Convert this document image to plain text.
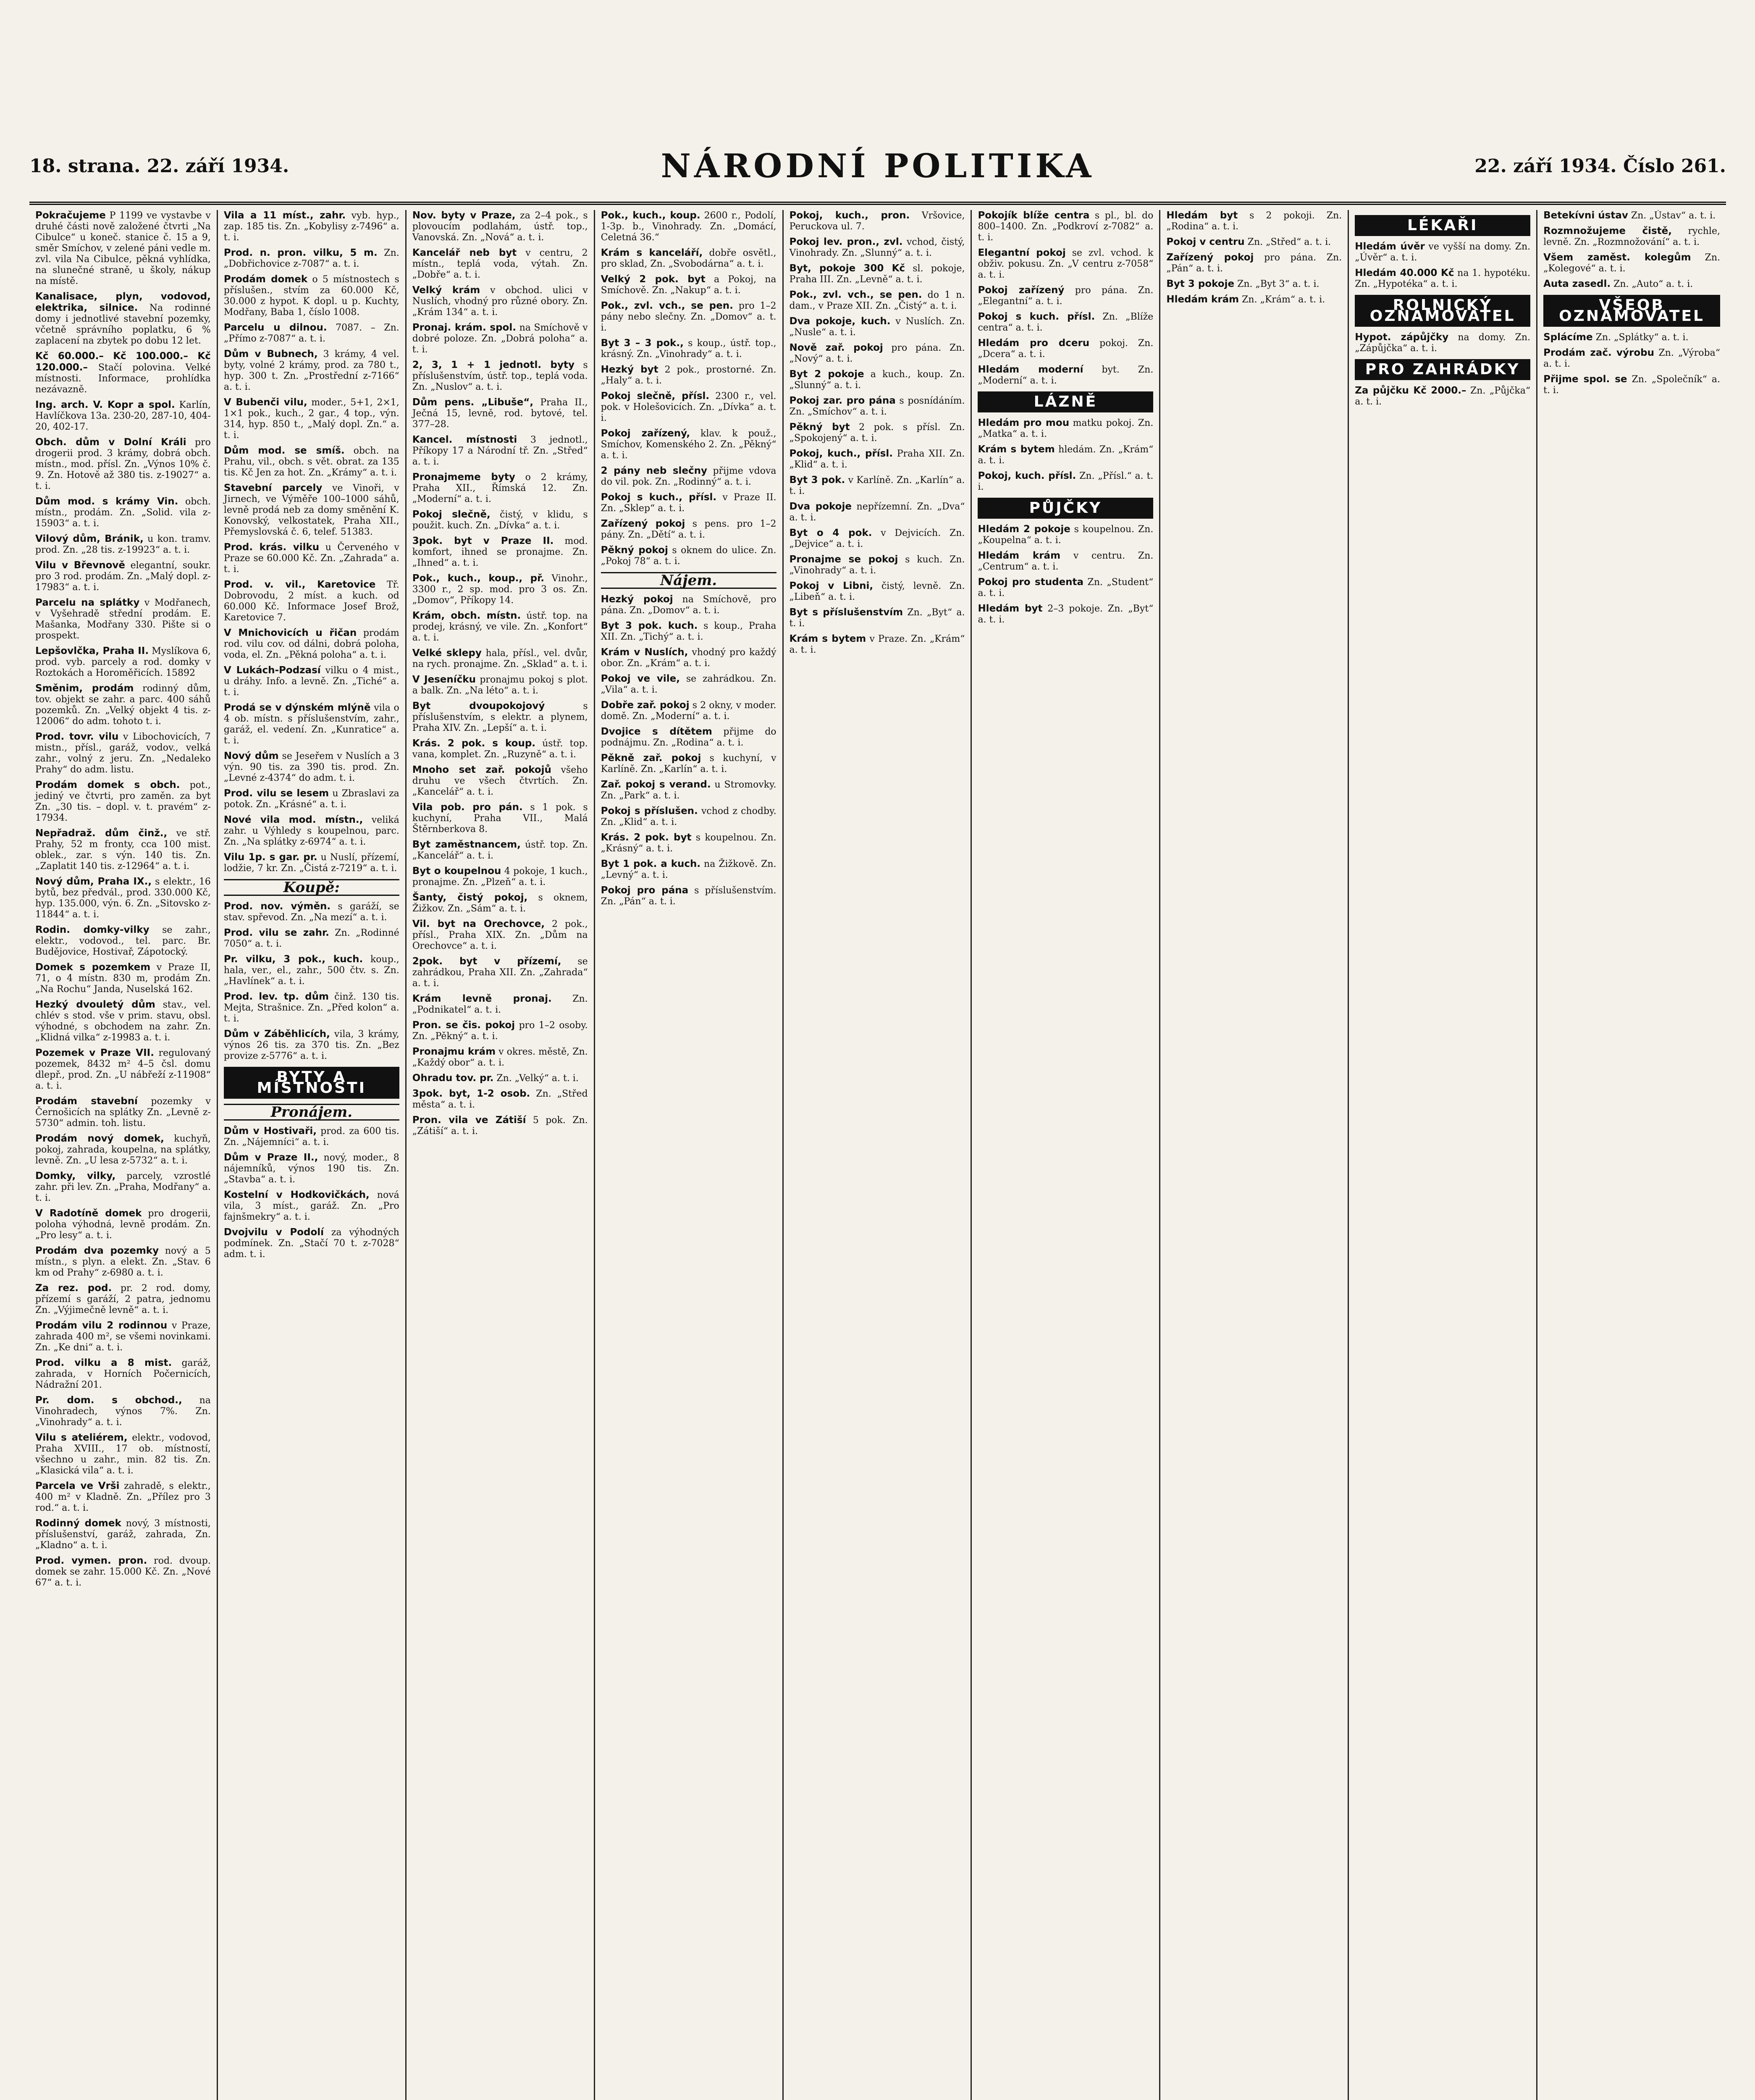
18. strana. 22. září 1934.	NÁRODNÍ POLITIKA	22. září 1934. Číslo 261.
Pokračujeme P 1199 ve vystavbe v druhé části nově založené čtvrti „Na Cibulce“ u koneč. stanice č. 15 a 9, směr Smíchov, v zelené páni vedle m. zvl. vila Na Cibulce, pěkná vyhlídka, na slunečné straně, u školy, nákup na místě.
Kanalisace, plyn, vodovod, elektrika, silnice. Na rodinné domy i jednotlivé stavební pozemky, včetně správního poplatku, 6 % zaplacení na zbytek po dobu 12 let.
Kč 60.000.– Kč 100.000.– Kč 120.000.– Stačí polovina. Velké místnosti. Informace, prohlídka nezávazně.
Ing. arch. V. Kopr a spol. Karlín, Havlíčkova 13a. 230-20, 287-10, 404-20, 402-17.
Obch. dům v Dolní Králi pro drogerii prod. 3 krámy, dobrá obch. místn., mod. přísl. Zn. „Výnos 10% č. 9. Zn. Hotově až 380 tis. z-19027“ a. t. i.
Dům mod. s krámy Vin. obch. místn., prodám. Zn. „Solid. vila z-15903“ a. t. i.
Vilový dům, Bránik, u kon. tramv. prod. Zn. „28 tis. z-19923“ a. t. i.
Vilu v Břevnově elegantní, soukr. pro 3 rod. prodám. Zn. „Malý dopl. z-17983“ a. t. i.
Parcelu na splátky v Modřanech, v Vyšehradě střední prodám. E. Mašanka, Modřany 330. Pište si o prospekt.
Lepšovlčka, Praha II. Myslíkova 6, prod. vyb. parcely a rod. domky v Roztokách a Horoměřicích. 15892
Směnim, prodám rodinný dům, tov. objekt se zahr. a parc. 400 sáhů pozemků. Zn. „Velký objekt 4 tis. z-12006“ do adm. tohoto t. i.
Prod. tovr. vilu v Libochovicích, 7 mistn., přísl., garáž, vodov., velká zahr., volný z jeru. Zn. „Nedaleko Prahy“ do adm. listu.
Prodám domek s obch. pot., jediný ve čtvrti, pro zaměn. za byt Zn. „30 tis. – dopl. v. t. pravém“ z-17934.
Nepřadraž. dům činž., ve stř. Prahy, 52 m fronty, cca 100 mist. oblek., zar. s výn. 140 tis. Zn. „Zaplatit 140 tis. z-12964“ a. t. i.
Nový dům, Praha IX., s elektr., 16 bytů, bez předvál., prod. 330.000 Kč, hyp. 135.000, výn. 6. Zn. „Sitovsko z-11844“ a. t. i.
Rodin. domky-vilky se zahr., elektr., vodovod., tel. parc. Br. Budějovice, Hostivař, Zápotocký.
Domek s pozemkem v Praze II, 71, o 4 místn. 830 m, prodám Zn. „Na Rochu“ Janda, Nuselská 162.
Hezký dvouletý dům stav., vel. chlév s stod. vše v prim. stavu, obsl. výhodné, s obchodem na zahr. Zn. „Klidná vilka“ z-19983 a. t. i.
Pozemek v Praze VII. regulovaný pozemek, 8432 m² 4–5 čsl. domu dlepř., prod. Zn. „U nábřeží z-11908“ a. t. i.
Prodám stavební pozemky v Černošicích na splátky Zn. „Levně z-5730“ admin. toh. listu.
Prodám nový domek, kuchyň, pokoj, zahrada, koupelna, na splátky, levně. Zn. „U lesa z-5732“ a. t. i.
Domky, vilky, parcely, vzrostlé zahr. při lev. Zn. „Praha, Modřany“ a. t. i.
V Radotíně domek pro drogerii, poloha výhodná, levně prodám. Zn. „Pro lesy“ a. t. i.
Prodám dva pozemky nový a 5 místn., s plyn. a elekt. Zn. „Stav. 6 km od Prahy“ z-6980 a. t. i.
Za rez. pod. pr. 2 rod. domy, přízemí s garáží, 2 patra, jednomu Zn. „Výjimečně levně“ a. t. i.
Prodám vilu 2 rodinnou v Praze, zahrada 400 m², se všemi novinkami. Zn. „Ke dni“ a. t. i.
Prod. vilku a 8 mist. garáž, zahrada, v Horních Počernicích, Nádražní 201.
Pr. dom. s obchod., na Vinohradech, výnos 7%. Zn. „Vinohrady“ a. t. i.
Vilu s ateliérem, elektr., vodovod, Praha XVIII., 17 ob. místností, všechno u zahr., min. 82 tis. Zn. „Klasická vila“ a. t. i.
Parcela ve Vrši zahradě, s elektr., 400 m² v Kladně. Zn. „Přílez pro 3 rod.“ a. t. i.
Rodinný domek nový, 3 místnosti, příslušenství, garáž, zahrada, Zn. „Kladno“ a. t. i.
Prod. vymen. pron. rod. dvoup. domek se zahr. 15.000 Kč. Zn. „Nové 67“ a. t. i.
Vila a 11 míst., zahr. vyb. hyp., zap. 185 tis. Zn. „Kobylisy z-7496“ a. t. i.
Prod. n. pron. vilku, 5 m. Zn. „Dobřichovice z-7087“ a. t. i.
Prodám domek o 5 místnostech s příslušen., stvím za 60.000 Kč, 30.000 z hypot. K dopl. u p. Kuchty, Modřany, Baba 1, číslo 1008.
Parcelu u dilnou. 7087. – Zn. „Přímo z-7087“ a. t. i.
Dům v Bubnech, 3 krámy, 4 vel. byty, volné 2 krámy, prod. za 780 t., hyp. 300 t. Zn. „Prostřední z-7166“ a. t. i.
V Bubenči vilu, moder., 5+1, 2×1, 1×1 pok., kuch., 2 gar., 4 top., výn. 314, hyp. 850 t., „Malý dopl. Zn.“ a. t. i.
Dům mod. se smíš. obch. na Prahu, vil., obch. s vět. obrat. za 135 tis. Kč Jen za hot. Zn. „Krámy“ a. t. i.
Stavební parcely ve Vinoři, v Jirnech, ve Výměře 100–1000 sáhů, levně prodá neb za domy směnění K. Konovský, velkostatek, Praha XII., Přemyslovská č. 6, telef. 51383.
Prod. krás. vilku u Červeného v Praze se 60.000 Kč. Zn. „Zahrada“ a. t. i.
Prod. v. vil., Karetovice Tř. Dobrovodu, 2 míst. a kuch. od 60.000 Kč. Informace Josef Brož, Karetovice 7.
V Mnichovicích u řičan prodám rod. vilu cov. od dálni, dobrá poloha, voda, el. Zn. „Pěkná poloha“ a. t. i.
V Lukách-Podzasí vilku o 4 mist., u dráhy. Info. a levně. Zn. „Tiché“ a. t. i.
Prodá se v dýnském mlýně vila o 4 ob. místn. s příslušenstvím, zahr., garáž, el. vedení. Zn. „Kunratice“ a. t. i.
Nový dům se Jeseřem v Nuslích a 3 výn. 90 tis. za 390 tis. prod. Zn. „Levné z-4374“ do adm. t. i.
Prod. vilu se lesem u Zbraslavi za potok. Zn. „Krásné“ a. t. i.
Nové vila mod. místn., veliká zahr. u Výhledy s koupelnou, parc. Zn. „Na splátky z-6974“ a. t. i.
Vilu 1p. s gar. pr. u Nuslí, přízemí, lodžie, 7 kr. Zn. „Čistá z-7219“ a. t. i.
Koupě:
Prod. nov. výměn. s garáží, se stav. spřevod. Zn. „Na mezí“ a. t. i.
Prod. vilu se zahr. Zn. „Rodinné 7050“ a. t. i.
Pr. vilku, 3 pok., kuch. koup., hala, ver., el., zahr., 500 čtv. s. Zn. „Havlínek“ a. t. i.
Prod. lev. tp. dům činž. 130 tis. Mejta, Strašnice. Zn. „Před kolon“ a. t. i.
Dům v Záběhlicích, vila, 3 krámy, výnos 26 tis. za 370 tis. Zn. „Bez provize z-5776“ a. t. i.
BYTY A MÍSTNOSTI
Pronájem.
Dům v Hostivaři, prod. za 600 tis. Zn. „Nájemníci“ a. t. i.
Dům v Praze II., nový, moder., 8 nájemníků, výnos 190 tis. Zn. „Stavba“ a. t. i.
Kostelní v Hodkovičkách, nová vila, 3 míst., garáž. Zn. „Pro fajnšmekry“ a. t. i.
Dvojvilu v Podolí za výhodných podmínek. Zn. „Stačí 70 t. z-7028“ adm. t. i.
Nov. byty v Praze, za 2–4 pok., s plovoucím podlahám, ústř. top., Vanovská. Zn. „Nová“ a. t. i.
Kancelář neb byt v centru, 2 místn., teplá voda, výtah. Zn. „Dobře“ a. t. i.
Velký krám v obchod. ulici v Nuslích, vhodný pro různé obory. Zn. „Krám 134“ a. t. i.
Pronaj. krám. spol. na Smíchově v dobré poloze. Zn. „Dobrá poloha“ a. t. i.
2, 3, 1 + 1 jednotl. byty s příslušenstvím, ústř. top., teplá voda. Zn. „Nuslov“ a. t. i.
Dům pens. „Libuše“, Praha II., Ječná 15, levně, rod. bytové, tel. 377–28.
Kancel. místnosti 3 jednotl., Příkopy 17 a Národní tř. Zn. „Střed“ a. t. i.
Pronajmeme byty o 2 krámy, Praha XII., Římská 12. Zn. „Moderní“ a. t. i.
Pokoj slečně, čistý, v klidu, s použit. kuch. Zn. „Dívka“ a. t. i.
3pok. byt v Praze II. mod. komfort, ihned se pronajme. Zn. „Ihned“ a. t. i.
Pok., kuch., koup., př. Vinohr., 3300 r., 2 sp. mod. pro 3 os. Zn. „Domov“, Příkopy 14.
Krám, obch. místn. ústř. top. na prodej, krásný, ve vile. Zn. „Konfort“ a. t. i.
Velké sklepy hala, přísl., vel. dvůr, na rych. pronajme. Zn. „Sklad“ a. t. i.
V Jeseníčku pronajmu pokoj s plot. a balk. Zn. „Na léto“ a. t. i.
Byt dvoupokojový s příslušenstvím, s elektr. a plynem, Praha XIV. Zn. „Lepší“ a. t. i.
Krás. 2 pok. s koup. ústř. top. vana, komplet. Zn. „Ruzyně“ a. t. i.
Mnoho set zař. pokojů všeho druhu ve všech čtvrtích. Zn. „Kancelář“ a. t. i.
Vila pob. pro pán. s 1 pok. s kuchyní, Praha VII., Malá Štěrnberkova 8.
Byt zaměstnancem, ústř. top. Zn. „Kancelář“ a. t. i.
Byt o koupelnou 4 pokoje, 1 kuch., pronajme. Zn. „Plzeň“ a. t. i.
Šanty, čistý pokoj, s oknem, Žižkov. Zn. „Sám“ a. t. i.
Vil. byt na Orechovce, 2 pok., přísl., Praha XIX. Zn. „Dům na Orechovce“ a. t. i.
2pok. byt v přízemí, se zahrádkou, Praha XII. Zn. „Zahrada“ a. t. i.
Krám levně pronaj. Zn. „Podnikatel“ a. t. i.
Pron. se čis. pokoj pro 1–2 osoby. Zn. „Pěkný“ a. t. i.
Pronajmu krám v okres. městě, Zn. „Každý obor“ a. t. i.
Ohradu tov. pr. Zn. „Velký“ a. t. i.
3pok. byt, 1-2 osob. Zn. „Střed města“ a. t. i.
Pron. vila ve Zátiší 5 pok. Zn. „Zátiší“ a. t. i.
Pok., kuch., koup. 2600 r., Podolí, 1-3p. b., Vinohrady. Zn. „Domácí, Celetná 36.“
Krám s kanceláří, dobře osvětl., pro sklad, Zn. „Svobodárna“ a. t. i.
Velký 2 pok. byt a Pokoj, na Smíchově. Zn. „Nakup“ a. t. i.
Pok., zvl. vch., se pen. pro 1–2 pány nebo slečny. Zn. „Domov“ a. t. i.
Byt 3 – 3 pok., s koup., ústř. top., krásný. Zn. „Vinohrady“ a. t. i.
Hezký byt 2 pok., prostorné. Zn. „Haly“ a. t. i.
Pokoj slečně, přísl. 2300 r., vel. pok. v Holešovicích. Zn. „Dívka“ a. t. i.
Pokoj zařízený, klav. k použ., Smíchov, Komenského 2. Zn. „Pěkný“ a. t. i.
2 pány neb slečny přijme vdova do vil. pok. Zn. „Rodinný“ a. t. i.
Pokoj s kuch., přísl. v Praze II. Zn. „Sklep“ a. t. i.
Zařízený pokoj s pens. pro 1–2 pány. Zn. „Dětí“ a. t. i.
Pěkný pokoj s oknem do ulice. Zn. „Pokoj 78“ a. t. i.
Nájem.
Hezký pokoj na Smíchově, pro pána. Zn. „Domov“ a. t. i.
Byt 3 pok. kuch. s koup., Praha XII. Zn. „Tichý“ a. t. i.
Krám v Nuslích, vhodný pro každý obor. Zn. „Krám“ a. t. i.
Pokoj ve vile, se zahrádkou. Zn. „Vila“ a. t. i.
Dobře zař. pokoj s 2 okny, v moder. domě. Zn. „Moderní“ a. t. i.
Dvojice s dítětem přijme do podnájmu. Zn. „Rodina“ a. t. i.
Pěkně zař. pokoj s kuchyní, v Karlíně. Zn. „Karlín“ a. t. i.
Zař. pokoj s verand. u Stromovky. Zn. „Park“ a. t. i.
Pokoj s příslušen. vchod z chodby. Zn. „Klid“ a. t. i.
Krás. 2 pok. byt s koupelnou. Zn. „Krásný“ a. t. i.
Byt 1 pok. a kuch. na Žižkově. Zn. „Levný“ a. t. i.
Pokoj pro pána s příslušenstvím. Zn. „Pán“ a. t. i.
Pokoj, kuch., pron. Vršovice, Peruckova ul. 7.
Pokoj lev. pron., zvl. vchod, čistý, Vinohrady. Zn. „Slunný“ a. t. i.
Byt, pokoje 300 Kč sl. pokoje, Praha III. Zn. „Levně“ a. t. i.
Pok., zvl. vch., se pen. do 1 n. dam., v Praze XII. Zn. „Čistý“ a. t. i.
Dva pokoje, kuch. v Nuslích. Zn. „Nusle“ a. t. i.
Nově zař. pokoj pro pána. Zn. „Nový“ a. t. i.
Byt 2 pokoje a kuch., koup. Zn. „Slunný“ a. t. i.
Pokoj zar. pro pána s posnídáním. Zn. „Smíchov“ a. t. i.
Pěkný byt 2 pok. s přísl. Zn. „Spokojený“ a. t. i.
Pokoj, kuch., přísl. Praha XII. Zn. „Klid“ a. t. i.
Byt 3 pok. v Karlíně. Zn. „Karlín“ a. t. i.
Dva pokoje nepřízemní. Zn. „Dva“ a. t. i.
Byt o 4 pok. v Dejvicích. Zn. „Dejvice“ a. t. i.
Pronajme se pokoj s kuch. Zn. „Vinohrady“ a. t. i.
Pokoj v Libni, čistý, levně. Zn. „Libeň“ a. t. i.
Byt s příslušenstvím Zn. „Byt“ a. t. i.
Krám s bytem v Praze. Zn. „Krám“ a. t. i.
Pokojík blíže centra s pl., bl. do 800–1400. Zn. „Podkroví z-7082“ a. t. i.
Elegantní pokoj se zvl. vchod. k obživ. pokusu. Zn. „V centru z-7058“ a. t. i.
Pokoj zařízený pro pána. Zn. „Elegantní“ a. t. i.
Pokoj s kuch. přísl. Zn. „Blíže centra“ a. t. i.
Hledám pro dceru pokoj. Zn. „Dcera“ a. t. i.
Hledám moderní byt. Zn. „Moderní“ a. t. i.
LÁZNĚ
Hledám pro mou matku pokoj. Zn. „Matka“ a. t. i.
Krám s bytem hledám. Zn. „Krám“ a. t. i.
Pokoj, kuch. přísl. Zn. „Přísl.“ a. t. i.
PŮJČKY
Hledám 2 pokoje s koupelnou. Zn. „Koupelna“ a. t. i.
Hledám krám v centru. Zn. „Centrum“ a. t. i.
Pokoj pro studenta Zn. „Student“ a. t. i.
Hledám byt 2–3 pokoje. Zn. „Byt“ a. t. i.
Hledám byt s 2 pokoji. Zn. „Rodina“ a. t. i.
Pokoj v centru Zn. „Střed“ a. t. i.
Zařízený pokoj pro pána. Zn. „Pán“ a. t. i.
Byt 3 pokoje Zn. „Byt 3“ a. t. i.
Hledám krám Zn. „Krám“ a. t. i.
LÉKAŘI
Hledám úvěr ve vyšší na domy. Zn. „Úvěr“ a. t. i.
Hledám 40.000 Kč na 1. hypotéku. Zn. „Hypotéka“ a. t. i.
ROLNICKÝ OZNAMOVATEL
Hypot. zápůjčky na domy. Zn. „Zápůjčka“ a. t. i.
PRO ZAHRÁDKY
Za půjčku Kč 2000.– Zn. „Půjčka“ a. t. i.
Betekívni ústav Zn. „Ústav“ a. t. i.
Rozmnožujeme čistě, rychle, levně. Zn. „Rozmnožování“ a. t. i.
Všem zaměst. kolegům Zn. „Kolegové“ a. t. i.
Auta zasedl. Zn. „Auto“ a. t. i.
VŠEOB OZNAMOVATEL
Splácíme Zn. „Splátky“ a. t. i.
Prodám zač. výrobu Zn. „Výroba“ a. t. i.
Přijme spol. se Zn. „Společník“ a. t. i.
